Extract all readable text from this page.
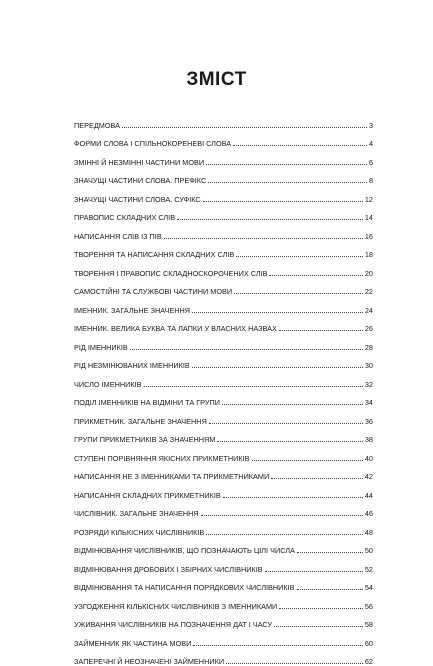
ЗМІСТ
ПЕРЕДМОВА	3
ФОРМИ СЛОВА І СПІЛЬНОКОРЕНЕВІ СЛОВА	4
ЗМІННІ Й НЕЗМІННІ ЧАСТИНИ МОВИ	6
ЗНАЧУЩІ ЧАСТИНИ СЛОВА. ПРЕФІКС	8
ЗНАЧУЩІ ЧАСТИНИ СЛОВА. СУФІКС	12
ПРАВОПИС СКЛАДНИХ СЛІВ	14
НАПИСАННЯ СЛІВ ІЗ ПІВ	16
ТВОРЕННЯ ТА НАПИСАННЯ СКЛАДНИХ СЛІВ	18
ТВОРЕННЯ І ПРАВОПИС СКЛАДНОСКОРОЧЕНИХ СЛІВ	20
САМОСТІЙНІ ТА СЛУЖБОВІ ЧАСТИНИ МОВИ	22
ІМЕННИК. ЗАГАЛЬНЕ ЗНАЧЕННЯ	24
ІМЕННИК. ВЕЛИКА БУКВА ТА ЛАПКИ У ВЛАСНИХ НАЗВАХ	26
РІД ІМЕННИКІВ	28
РІД НЕЗМІНЮВАНИХ ІМЕННИКІВ	30
ЧИСЛО ІМЕННИКІВ	32
ПОДІЛ ІМЕННИКІВ НА ВІДМІНИ ТА ГРУПИ	34
ПРИКМЕТНИК. ЗАГАЛЬНЕ ЗНАЧЕННЯ	36
ГРУПИ ПРИКМЕТНИКІВ ЗА ЗНАЧЕННЯМ	38
СТУПЕНІ ПОРІВНЯННЯ ЯКІСНИХ ПРИКМЕТНИКІВ	40
НАПИСАННЯ НЕ З ІМЕННИКАМИ ТА ПРИКМЕТНИКАМИ	42
НАПИСАННЯ СКЛАДНИХ ПРИКМЕТНИКІВ	44
ЧИСЛІВНИК. ЗАГАЛЬНЕ ЗНАЧЕННЯ	46
РОЗРЯДИ КІЛЬКІСНИХ ЧИСЛІВНИКІВ	48
ВІДМІНЮВАННЯ ЧИСЛІВНИКІВ, ЩО ПОЗНАЧАЮТЬ ЦІЛІ ЧИСЛА	50
ВІДМІНЮВАННЯ ДРОБОВИХ І ЗБІРНИХ ЧИСЛІВНИКІВ	52
ВІДМІНЮВАННЯ ТА НАПИСАННЯ ПОРЯДКОВИХ ЧИСЛІВНИКІВ	54
УЗГОДЖЕННЯ КІЛЬКІСНИХ ЧИСЛІВНИКІВ З ІМЕННИКАМИ	56
УЖИВАННЯ ЧИСЛІВНИКІВ НА ПОЗНАЧЕННЯ ДАТ І ЧАСУ	58
ЗАЙМЕННИК ЯК ЧАСТИНА МОВИ	60
ЗАПЕРЕЧНІ Й НЕОЗНАЧЕНІ ЗАЙМЕННИКИ	62
